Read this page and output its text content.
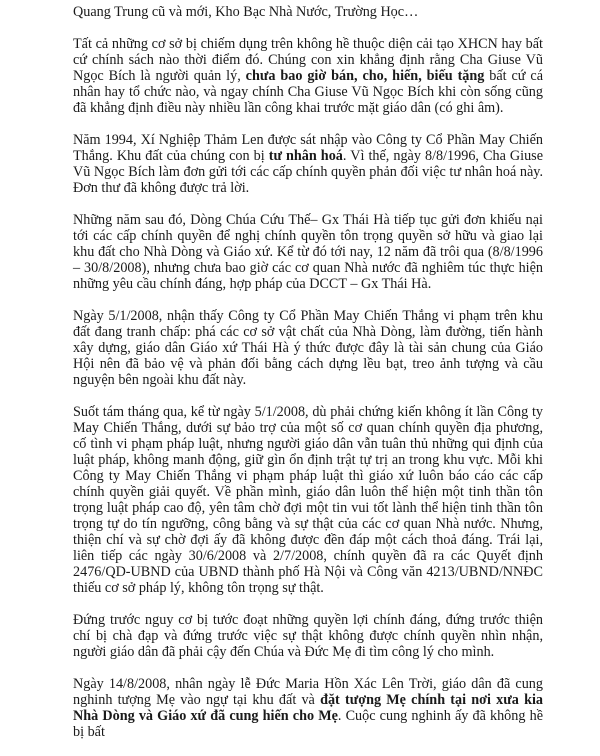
Quang Trung cũ và mới, Kho Bạc Nhà Nước, Trường Học…

Tất cả những cơ sở bị chiếm dụng trên không hề thuộc diện cải tạo XHCN hay bất cứ chính sách nào thời điểm đó. Chúng con xin khẳng định rằng Cha Giuse Vũ Ngọc Bích là người quản lý, chưa bao giờ bán, cho, hiến, biếu tặng bất cứ cá nhân hay tổ chức nào, và ngay chính Cha Giuse Vũ Ngọc Bích khi còn sống cũng đã khẳng định điều này nhiều lần công khai trước mặt giáo dân (có ghi âm).

Năm 1994, Xí Nghiệp Thảm Len được sát nhập vào Công ty Cổ Phần May Chiến Thắng. Khu đất của chúng con bị tư nhân hoá. Vì thế, ngày 8/8/1996, Cha Giuse Vũ Ngọc Bích làm đơn gửi tới các cấp chính quyền phản đối việc tư nhân hoá này. Đơn thư đã không được trả lời.

Những năm sau đó, Dòng Chúa Cứu Thế– Gx Thái Hà tiếp tục gửi đơn khiếu nại tới các cấp chính quyền để nghị chính quyền tôn trọng quyền sở hữu và giao lại khu đất cho Nhà Dòng và Giáo xứ. Kể từ đó tới nay, 12 năm đã trôi qua (8/8/1996 – 30/8/2008), nhưng chưa bao giờ các cơ quan Nhà nước đã nghiêm túc thực hiện những yêu cầu chính đáng, hợp pháp của DCCT – Gx Thái Hà.

Ngày 5/1/2008, nhận thấy Công ty Cổ Phần May Chiến Thắng vi phạm trên khu đất đang tranh chấp: phá các cơ sở vật chất của Nhà Dòng, làm đường, tiến hành xây dựng, giáo dân Giáo xứ Thái Hà ý thức được đây là tài sản chung của Giáo Hội nên đã bảo vệ và phản đối bằng cách dựng lều bạt, treo ảnh tượng và cầu nguyện bên ngoài khu đất này.

Suốt tám tháng qua, kể từ ngày 5/1/2008, dù phải chứng kiến không ít lần Công ty May Chiến Thắng, dưới sự bảo trợ của một số cơ quan chính quyền địa phương, cố tình vi phạm pháp luật, nhưng người giáo dân vẫn tuân thủ những qui định của luật pháp, không manh động, giữ gìn ổn định trật tự trị an trong khu vực. Mỗi khi Công ty May Chiến Thắng vi phạm pháp luật thì giáo xứ luôn báo cáo các cấp chính quyền giải quyết. Về phần mình, giáo dân luôn thể hiện một tinh thần tôn trọng luật pháp cao độ, yên tâm chờ đợi một tin vui tốt lành thể hiện tinh thần tôn trọng tự do tín ngưỡng, công bằng và sự thật của các cơ quan Nhà nước. Nhưng, thiện chí và sự chờ đợi ấy đã không được đền đáp một cách thoả đáng. Trái lại, liên tiếp các ngày 30/6/2008 và 2/7/2008, chính quyền đã ra các Quyết định 2476/QD-UBND của UBND thành phố Hà Nội và Công văn 4213/UBND/NNĐC thiếu cơ sở pháp lý, không tôn trọng sự thật.

Đứng trước nguy cơ bị tước đoạt những quyền lợi chính đáng, đứng trước thiện chí bị chà đạp và đứng trước việc sự thật không được chính quyền nhìn nhận, người giáo dân đã phải cậy đến Chúa và Đức Mẹ đi tìm công lý cho mình.

Ngày 14/8/2008, nhân ngày lễ Đức Maria Hồn Xác Lên Trời, giáo dân đã cung nghinh tượng Mẹ vào ngự tại khu đất và đặt tượng Mẹ chính tại nơi xưa kia Nhà Dòng và Giáo xứ đã cung hiến cho Mẹ. Cuộc cung nghinh ấy đã không hề bị bất
